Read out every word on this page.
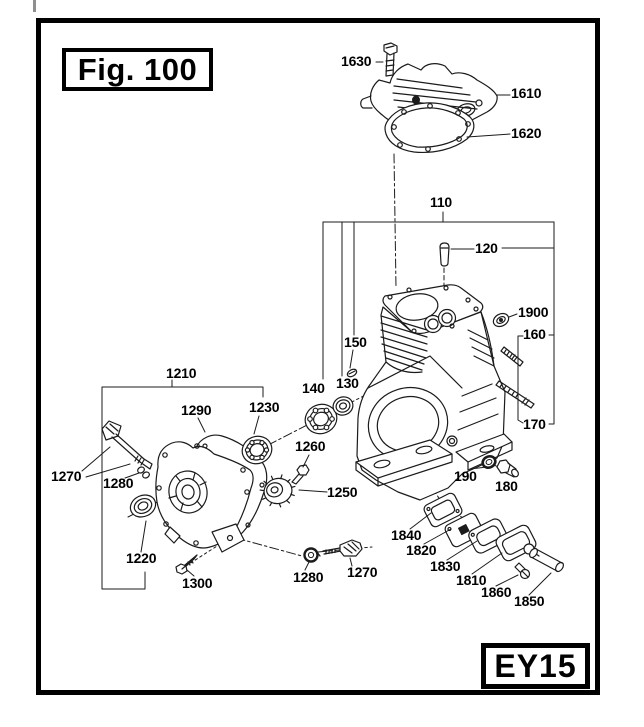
Fig. 100
EY15
1630
1610
1620
110
120
1900
160
150
130
140
170
190
180
1210
1290	1230
1260
1250
1270 1280
1220
1300	1280 1270
1840
1820
1830
1810
1860
1850
